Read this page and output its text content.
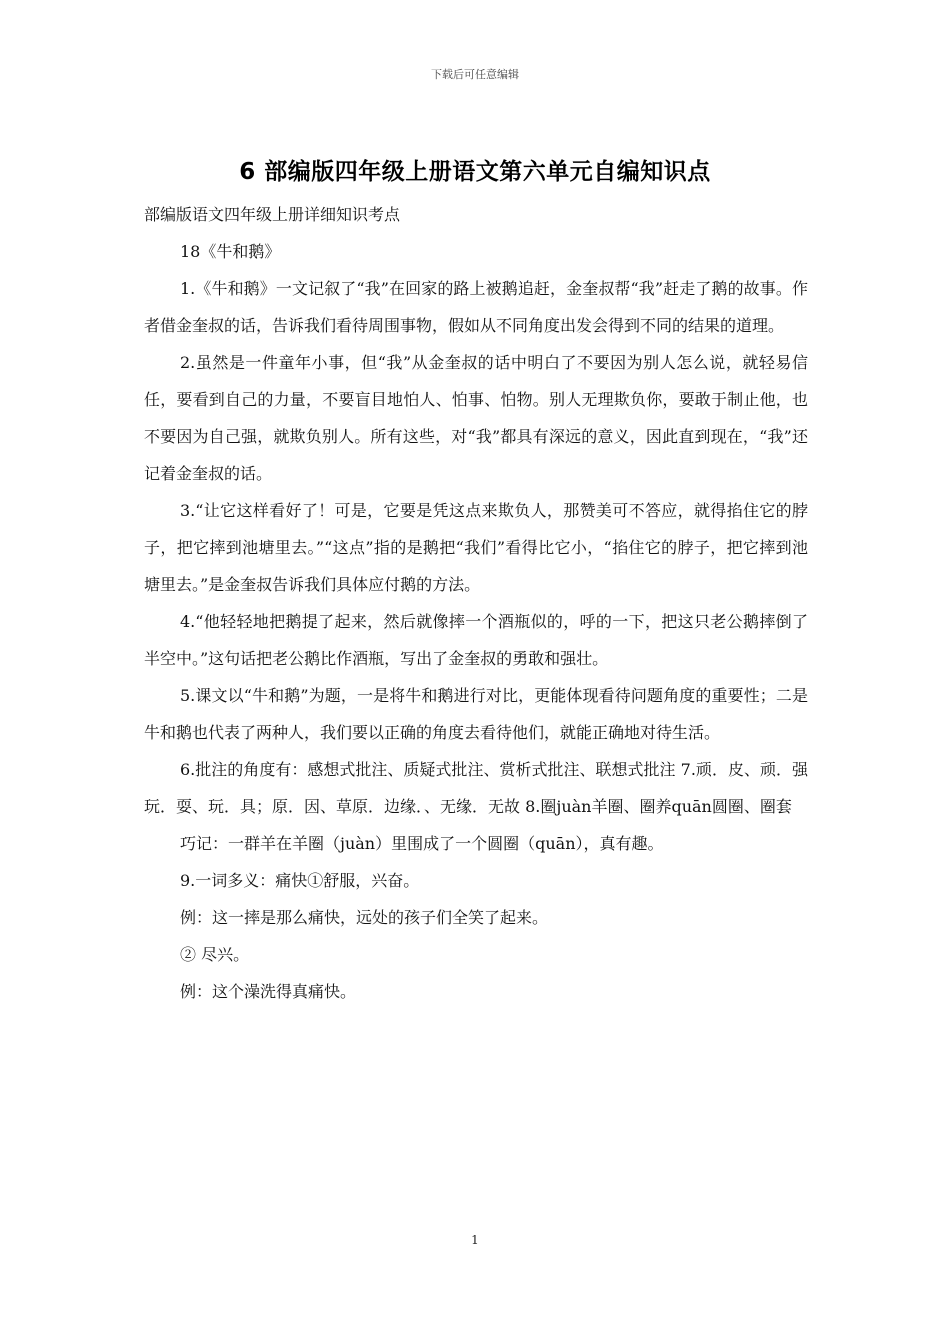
下载后可任意编辑
6 部编版四年级上册语文第六单元自编知识点

部编版语文四年级上册详细知识考点

18《牛和鹅》

1.《牛和鹅》一文记叙了“我”在回家的路上被鹅追赶，金奎叔帮“我”赶走了鹅的故事。作者借金奎叔的话，告诉我们看待周围事物，假如从不同角度出发会得到不同的结果的道理。

2.虽然是一件童年小事，但“我”从金奎叔的话中明白了不要因为别人怎么说，就轻易信任，要看到自己的力量，不要盲目地怕人、怕事、怕物。别人无理欺负你，要敢于制止他，也不要因为自己强，就欺负别人。所有这些，对“我”都具有深远的意义，因此直到现在，“我”还记着金奎叔的话。

3.“让它这样看好了！可是，它要是凭这点来欺负人，那赞美可不答应，就得掐住它的脖子，把它摔到池塘里去。”“这点”指的是鹅把“我们”看得比它小，“掐住它的脖子，把它摔到池塘里去。”是金奎叔告诉我们具体应付鹅的方法。

4.“他轻轻地把鹅提了起来，然后就像摔一个酒瓶似的，呼的一下，把这只老公鹅摔倒了半空中。”这句话把老公鹅比作酒瓶，写出了金奎叔的勇敢和强壮。

5.课文以“牛和鹅”为题，一是将牛和鹅进行对比，更能体现看待问题角度的重要性；二是牛和鹅也代表了两种人，我们要以正确的角度去看待他们，就能正确地对待生活。

6.批注的角度有：感想式批注、质疑式批注、赏析式批注、联想式批注 7.顽．皮、顽．强玩．耍、玩．具；原．因、草原．边缘．、无缘．无故 8.圈juàn羊圈、圈养quān圆圈、圈套

巧记：一群羊在羊圈（juàn）里围成了一个圆圈（quān），真有趣。

9.一词多义：痛快①舒服，兴奋。

例：这一摔是那么痛快，远处的孩子们全笑了起来。

② 尽兴。

例：这个澡洗得真痛快。

1
